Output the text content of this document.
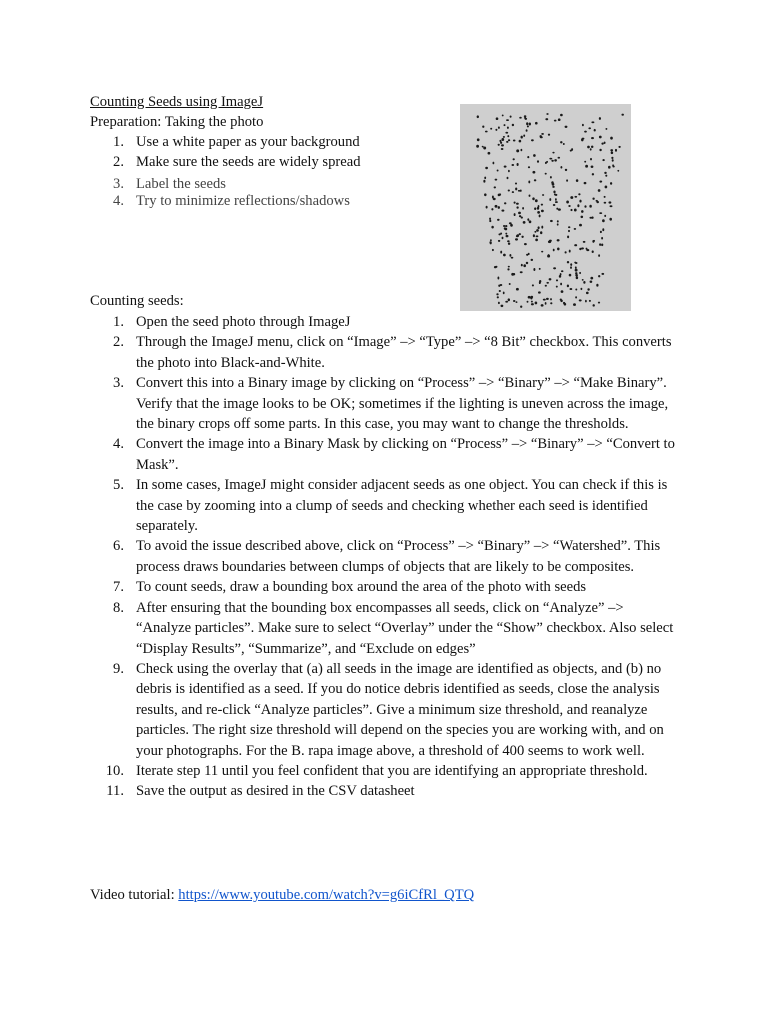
Counting Seeds using ImageJ
Preparation: Taking the photo
1. Use a white paper as your background
2. Make sure the seeds are widely spread
3. Label the seeds
4. Try to minimize reflections/shadows
Counting seeds:
1. Open the seed photo through ImageJ
2. Through the ImageJ menu, click on “Image” –> “Type” –> “8 Bit” checkbox. This converts the photo into Black-and-White.
3. Convert this into a Binary image by clicking on “Process” –> “Binary” –> “Make Binary”. Verify that the image looks to be OK; sometimes if the lighting is uneven across the image, the binary crops off some parts. In this case, you may want to change the thresholds.
4. Convert the image into a Binary Mask by clicking on “Process” –> “Binary” –> “Convert to Mask”.
5. In some cases, ImageJ might consider adjacent seeds as one object. You can check if this is the case by zooming into a clump of seeds and checking whether each seed is identified separately.
6. To avoid the issue described above, click on “Process” –> “Binary” –> “Watershed”. This process draws boundaries between clumps of objects that are likely to be composites.
7. To count seeds, draw a bounding box around the area of the photo with seeds
8. After ensuring that the bounding box encompasses all seeds, click on “Analyze” –> “Analyze particles”. Make sure to select “Overlay” under the “Show” checkbox. Also select “Display Results”, “Summarize”, and “Exclude on edges”
9. Check using the overlay that (a) all seeds in the image are identified as objects, and (b) no debris is identified as a seed. If you do notice debris identified as seeds, close the analysis results, and re-click “Analyze particles”. Give a minimum size threshold, and reanalyze particles. The right size threshold will depend on the species you are working with, and on your photographs. For the B. rapa image above, a threshold of 400 seems to work well.
10. Iterate step 11 until you feel confident that you are identifying an appropriate threshold.
11. Save the output as desired in the CSV datasheet
Video tutorial: https://www.youtube.com/watch?v=g6iCfRl_QTQ
